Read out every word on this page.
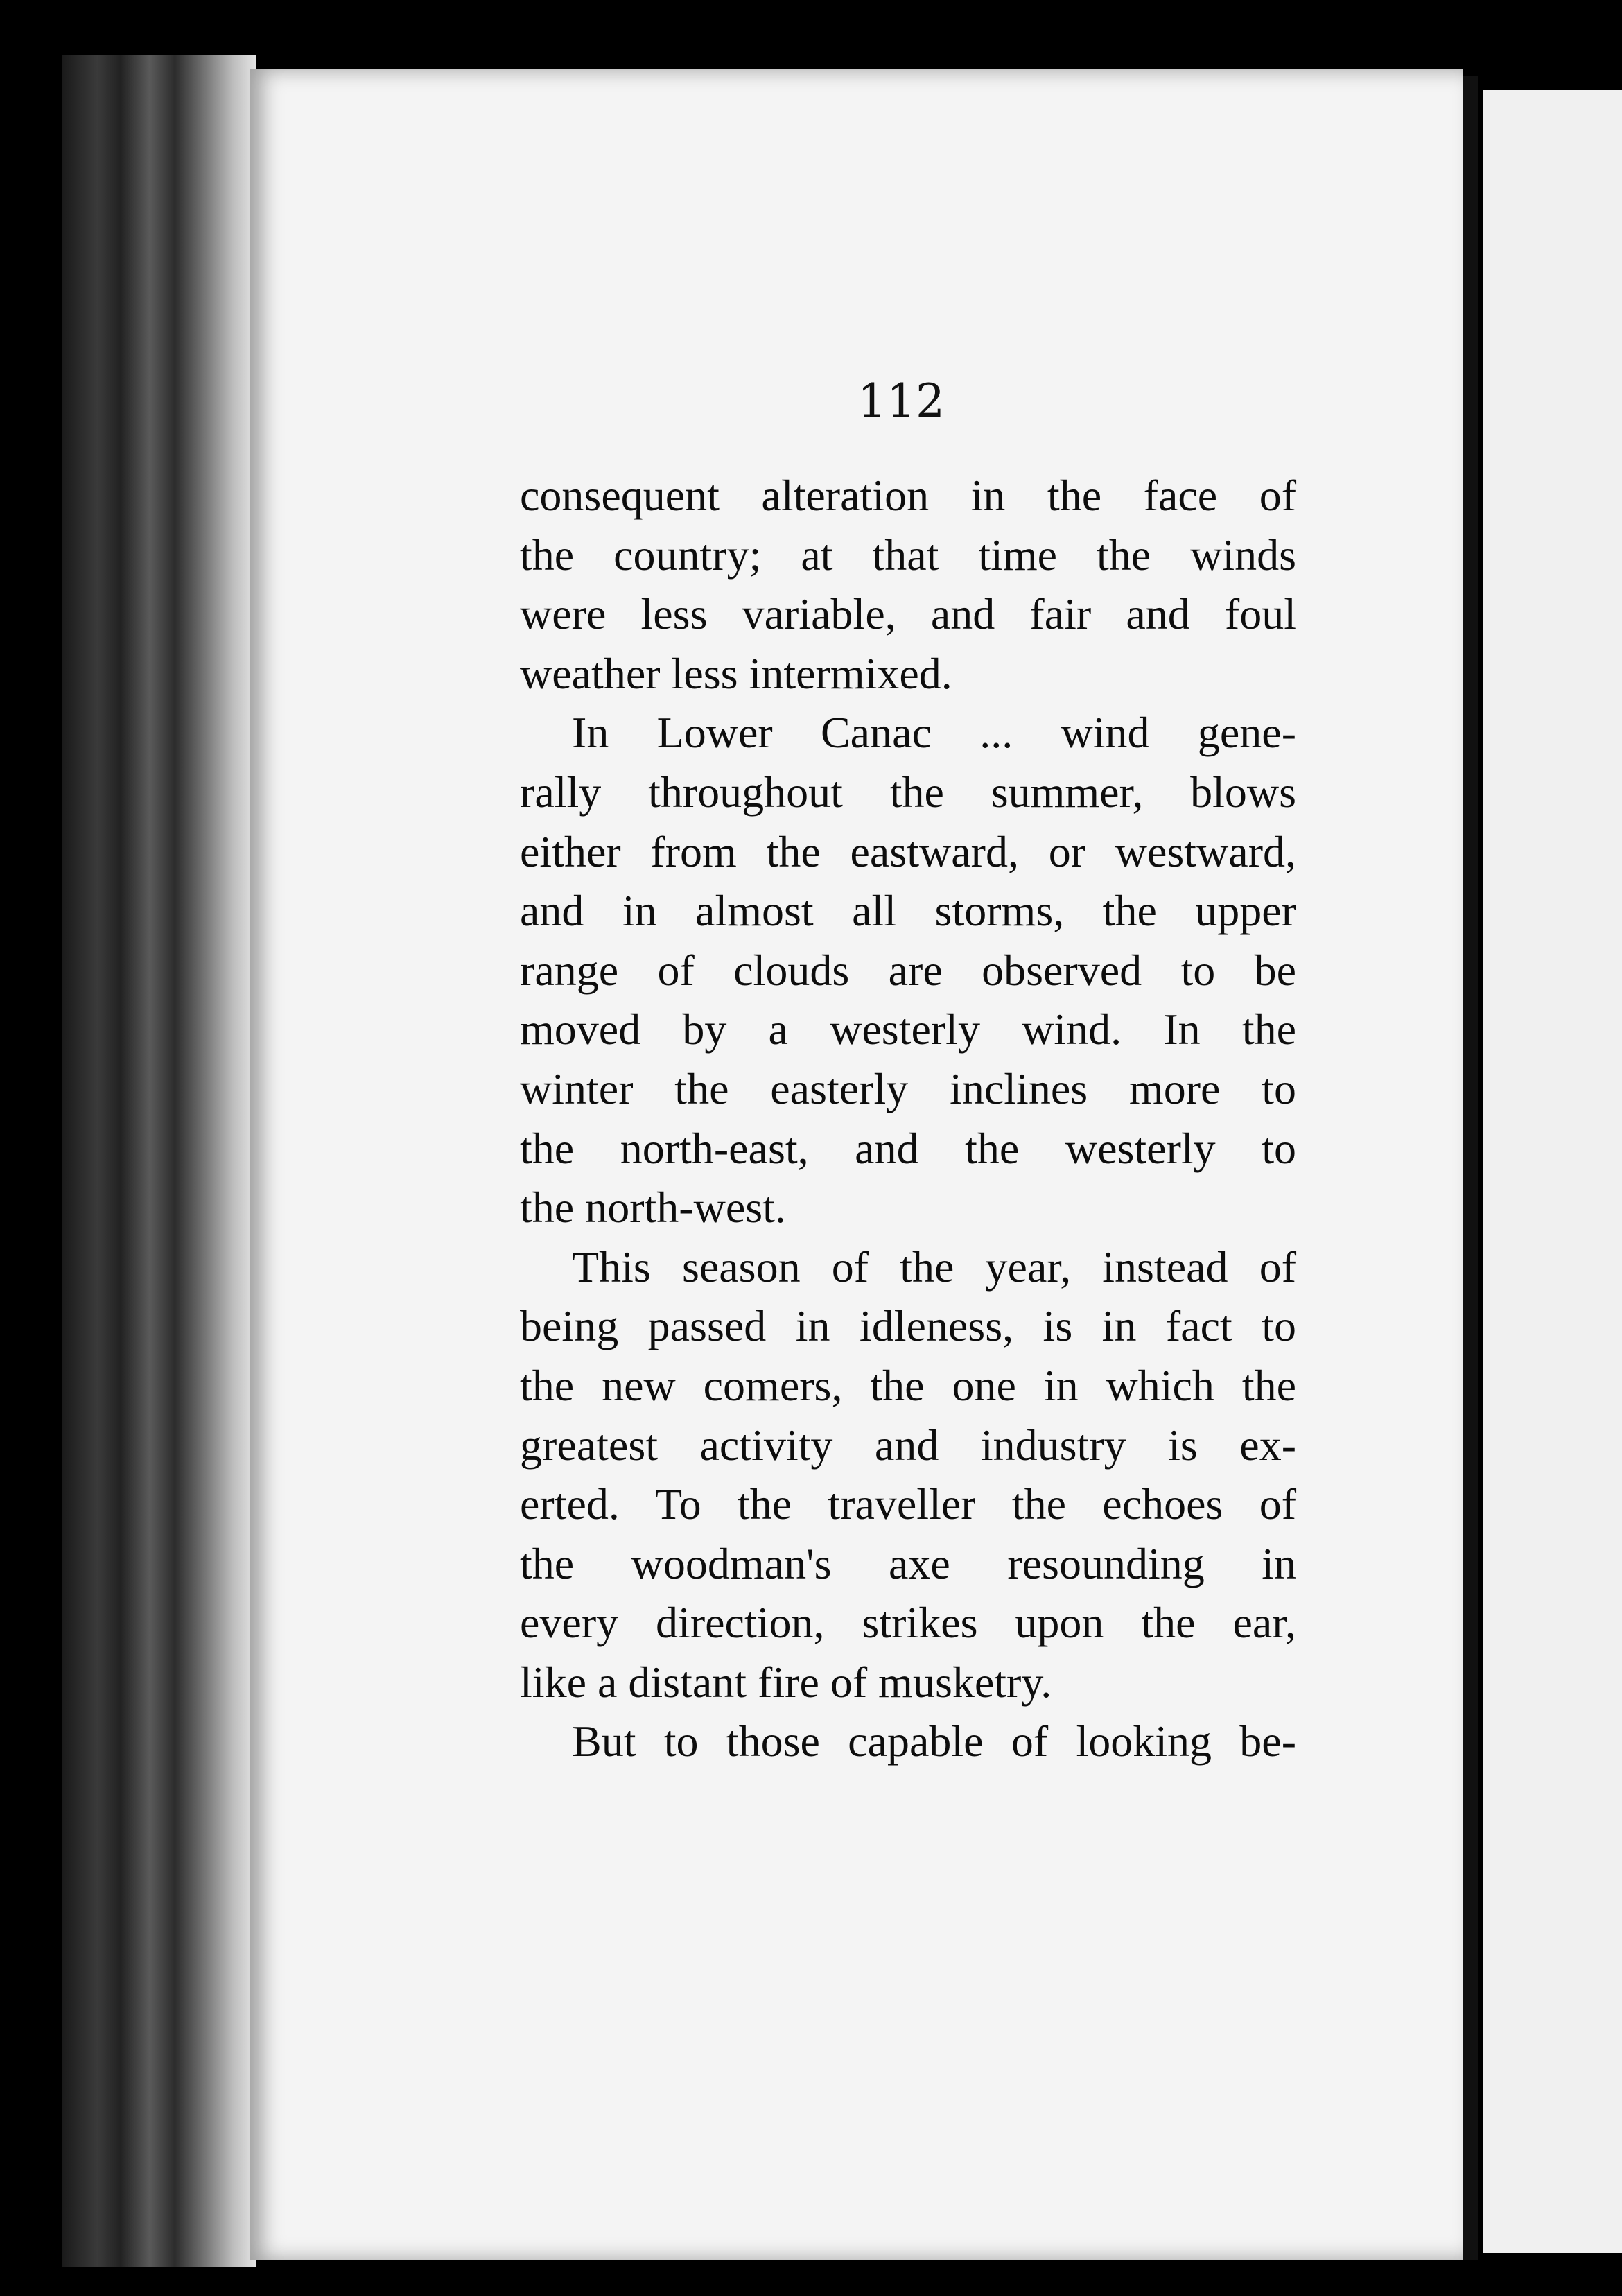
112
consequent alteration in the face of
the country; at that time the winds
were less variable, and fair and foul
weather less intermixed.
In Lower Canac ... wind gene-
rally throughout the summer, blows
either from the eastward, or westward,
and in almost all storms, the upper
range of clouds are observed to be
moved by a westerly wind. In the
winter the easterly inclines more to
the north-east, and the westerly to
the north-west.
This season of the year, instead of
being passed in idleness, is in fact to
the new comers, the one in which the
greatest activity and industry is ex-
erted. To the traveller the echoes of
the woodman's axe resounding in
every direction, strikes upon the ear,
like a distant fire of musketry.
But to those capable of looking be-
